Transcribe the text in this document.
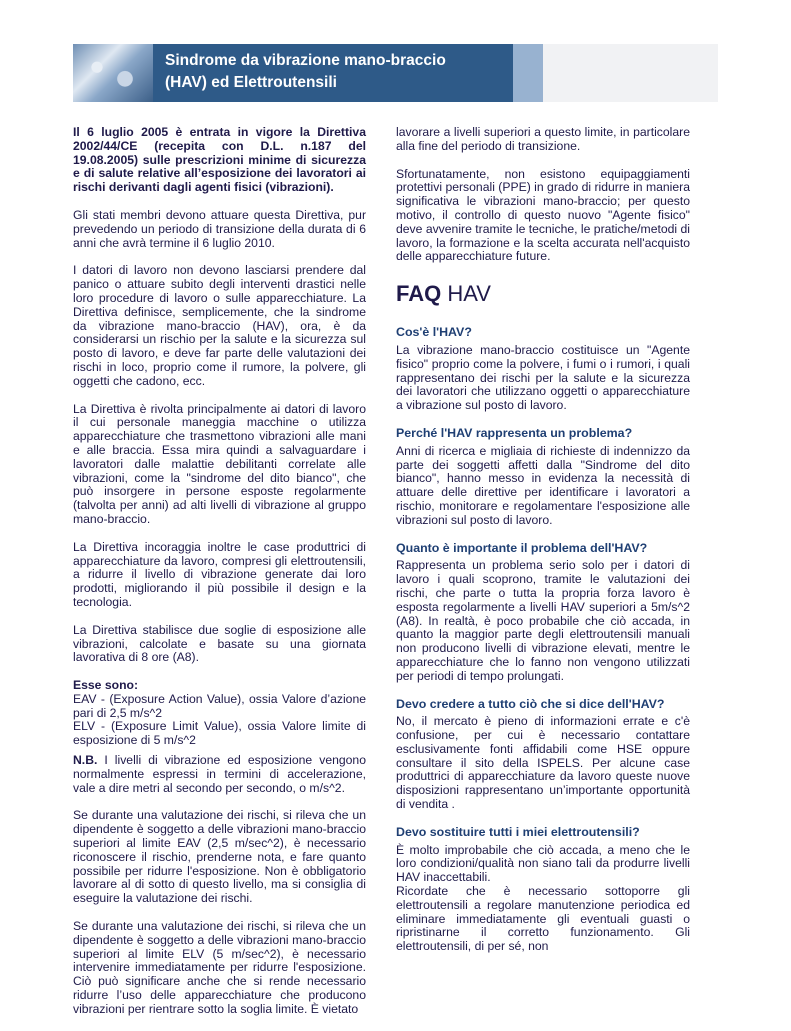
Sindrome da vibrazione mano-braccio
(HAV) ed Elettroutensili

Il 6 luglio 2005 è entrata in vigore la Direttiva 2002/44/CE (recepita con D.L. n.187 del 19.08.2005) sulle prescrizioni minime di sicurezza e di salute relative all’esposizione dei lavoratori ai rischi derivanti dagli agenti fisici (vibrazioni).

Gli stati membri devono attuare questa Direttiva, pur prevedendo un periodo di transizione della durata di 6 anni che avrà termine il 6 luglio 2010.

I datori di lavoro non devono lasciarsi prendere dal panico o attuare subito degli interventi drastici nelle loro procedure di lavoro o sulle apparecchiature. La Direttiva definisce, semplicemente, che la sindrome da vibrazione mano-braccio (HAV), ora, è da considerarsi un rischio per la salute e la sicurezza sul posto di lavoro, e deve far parte delle valutazioni dei rischi in loco, proprio come il rumore, la polvere, gli oggetti che cadono, ecc.

La Direttiva è rivolta principalmente ai datori di lavoro il cui personale maneggia macchine o utilizza apparecchiature che trasmettono vibrazioni alle mani e alle braccia. Essa mira quindi a salvaguardare i lavoratori dalle malattie debilitanti correlate alle vibrazioni, come la "sindrome del dito bianco", che può insorgere in persone esposte regolarmente (talvolta per anni) ad alti livelli di vibrazione al gruppo mano-braccio.

La Direttiva incoraggia inoltre le case produttrici di apparecchiature da lavoro, compresi gli elettroutensili, a ridurre il livello di vibrazione generate dai loro prodotti, migliorando il più possibile il design e la tecnologia.

La Direttiva stabilisce due soglie di esposizione alle vibrazioni, calcolate e basate su una giornata lavorativa di 8 ore (A8).

Esse sono:

EAV - (Exposure Action Value), ossia Valore d’azione pari di 2,5 m/s^2

ELV - (Exposure Limit Value), ossia Valore limite di esposizione di 5 m/s^2

N.B. I livelli di vibrazione ed esposizione vengono normalmente espressi in termini di accelerazione, vale a dire metri al secondo per secondo, o m/s^2.

Se durante una valutazione dei rischi, si rileva che un dipendente è soggetto a delle vibrazioni mano-braccio superiori al limite EAV (2,5 m/sec^2), è necessario riconoscere il rischio, prenderne nota, e fare quanto possibile per ridurre l'esposizione. Non è obbligatorio lavorare al di sotto di questo livello, ma si consiglia di eseguire la valutazione dei rischi.

Se durante una valutazione dei rischi, si rileva che un dipendente è soggetto a delle vibrazioni mano-braccio superiori al limite ELV (5 m/sec^2), è necessario intervenire immediatamente per ridurre l'esposizione. Ciò può significare anche che si rende necessario ridurre l’uso delle apparecchiature che producono vibrazioni per rientrare sotto la soglia limite. È vietato

lavorare a livelli superiori a questo limite, in particolare alla fine del periodo di transizione.

Sfortunatamente, non esistono equipaggiamenti protettivi personali (PPE) in grado di ridurre in maniera significativa le vibrazioni mano-braccio; per questo motivo, il controllo di questo nuovo "Agente fisico" deve avvenire tramite le tecniche, le pratiche/metodi di lavoro, la formazione e la scelta accurata nell'acquisto delle apparecchiature future.

FAQ HAV
Cos'è l'HAV?

La vibrazione mano-braccio costituisce un "Agente fisico" proprio come la polvere, i fumi o i rumori, i quali rappresentano dei rischi per la salute e la sicurezza dei lavoratori che utilizzano oggetti o apparecchiature a vibrazione sul posto di lavoro.

Perché l'HAV rappresenta un problema?

Anni di ricerca e migliaia di richieste di indennizzo da parte dei soggetti affetti dalla "Sindrome del dito bianco", hanno messo in evidenza la necessità di attuare delle direttive per identificare i lavoratori a rischio, monitorare e regolamentare l'esposizione alle vibrazioni sul posto di lavoro.

Quanto è importante il problema dell'HAV?

Rappresenta un problema serio solo per i datori di lavoro i quali scoprono, tramite le valutazioni dei rischi, che parte o tutta la propria forza lavoro è esposta regolarmente a livelli HAV superiori a 5m/s^2 (A8). In realtà, è poco probabile che ciò accada, in quanto la maggior parte degli elettroutensili manuali non producono livelli di vibrazione elevati, mentre le apparecchiature che lo fanno non vengono utilizzati per periodi di tempo prolungati.

Devo credere a tutto ciò che si dice dell'HAV?

No, il mercato è pieno di informazioni errate e c'è confusione, per cui è necessario contattare esclusivamente fonti affidabili come HSE oppure consultare il sito della ISPELS. Per alcune case produttrici di apparecchiature da lavoro queste nuove disposizioni rappresentano un’importante opportunità di vendita .

Devo sostituire tutti i miei elettroutensili?

È molto improbabile che ciò accada, a meno che le loro condizioni/qualità non siano tali da produrre livelli HAV inaccettabili.

Ricordate che è necessario sottoporre gli elettroutensili a regolare manutenzione periodica ed eliminare immediatamente gli eventuali guasti o ripristinarne il corretto funzionamento. Gli elettroutensili, di per sé, non
